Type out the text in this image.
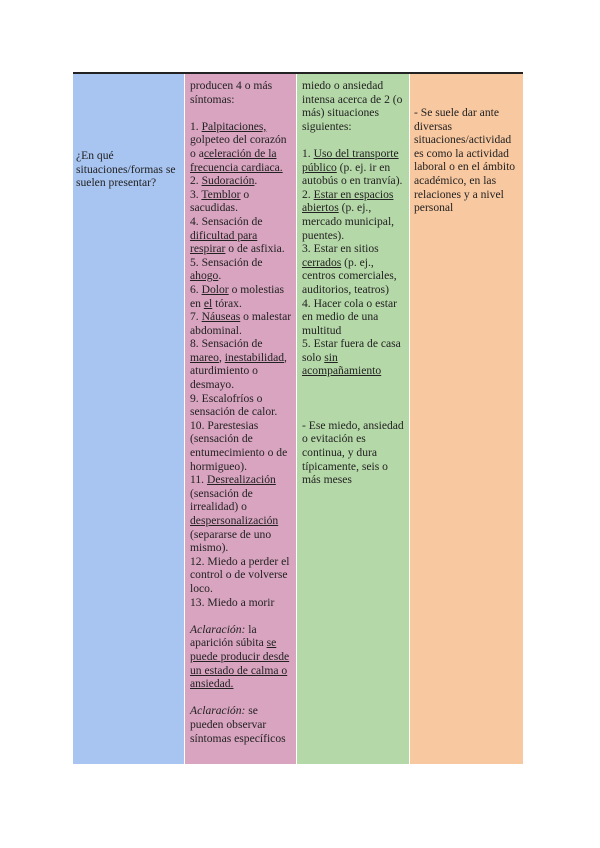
¿En qué situaciones/formas se suelen presentar?

producen 4 o más síntomas:

1. Palpitaciones, golpeteo del corazón o aceleración de la frecuencia cardiaca.

2. Sudoración.

3. Temblor o sacudidas.

4. Sensación de dificultad para respirar o de asfixia.

5. Sensación de ahogo.

6. Dolor o molestias en el tórax.

7. Náuseas o malestar abdominal.

8. Sensación de mareo, inestabilidad, aturdimiento o desmayo.

9. Escalofríos o sensación de calor.

10. Parestesias (sensación de entumecimiento o de hormigueo).

11. Desrealización (sensación de irrealidad) o despersonalización (separarse de uno mismo).

12. Miedo a perder el control o de volverse loco.

13. Miedo a morir

Aclaración: la aparición súbita se puede producir desde un estado de calma o ansiedad.

Aclaración: se pueden observar síntomas específicos

miedo o ansiedad intensa acerca de 2 (o más) situaciones siguientes:

1. Uso del transporte público (p. ej. ir en autobús o en tranvía).

2. Estar en espacios abiertos (p. ej., mercado municipal, puentes).

3. Estar en sitios cerrados (p. ej., centros comerciales, auditorios, teatros)

4. Hacer cola o estar en medio de una multitud

5. Estar fuera de casa solo sin acompañamiento

- Ese miedo, ansiedad o evitación es continua, y dura típicamente, seis o más meses

- Se suele dar ante diversas situaciones/actividad es como la actividad laboral o en el ámbito académico, en las relaciones y a nivel personal
